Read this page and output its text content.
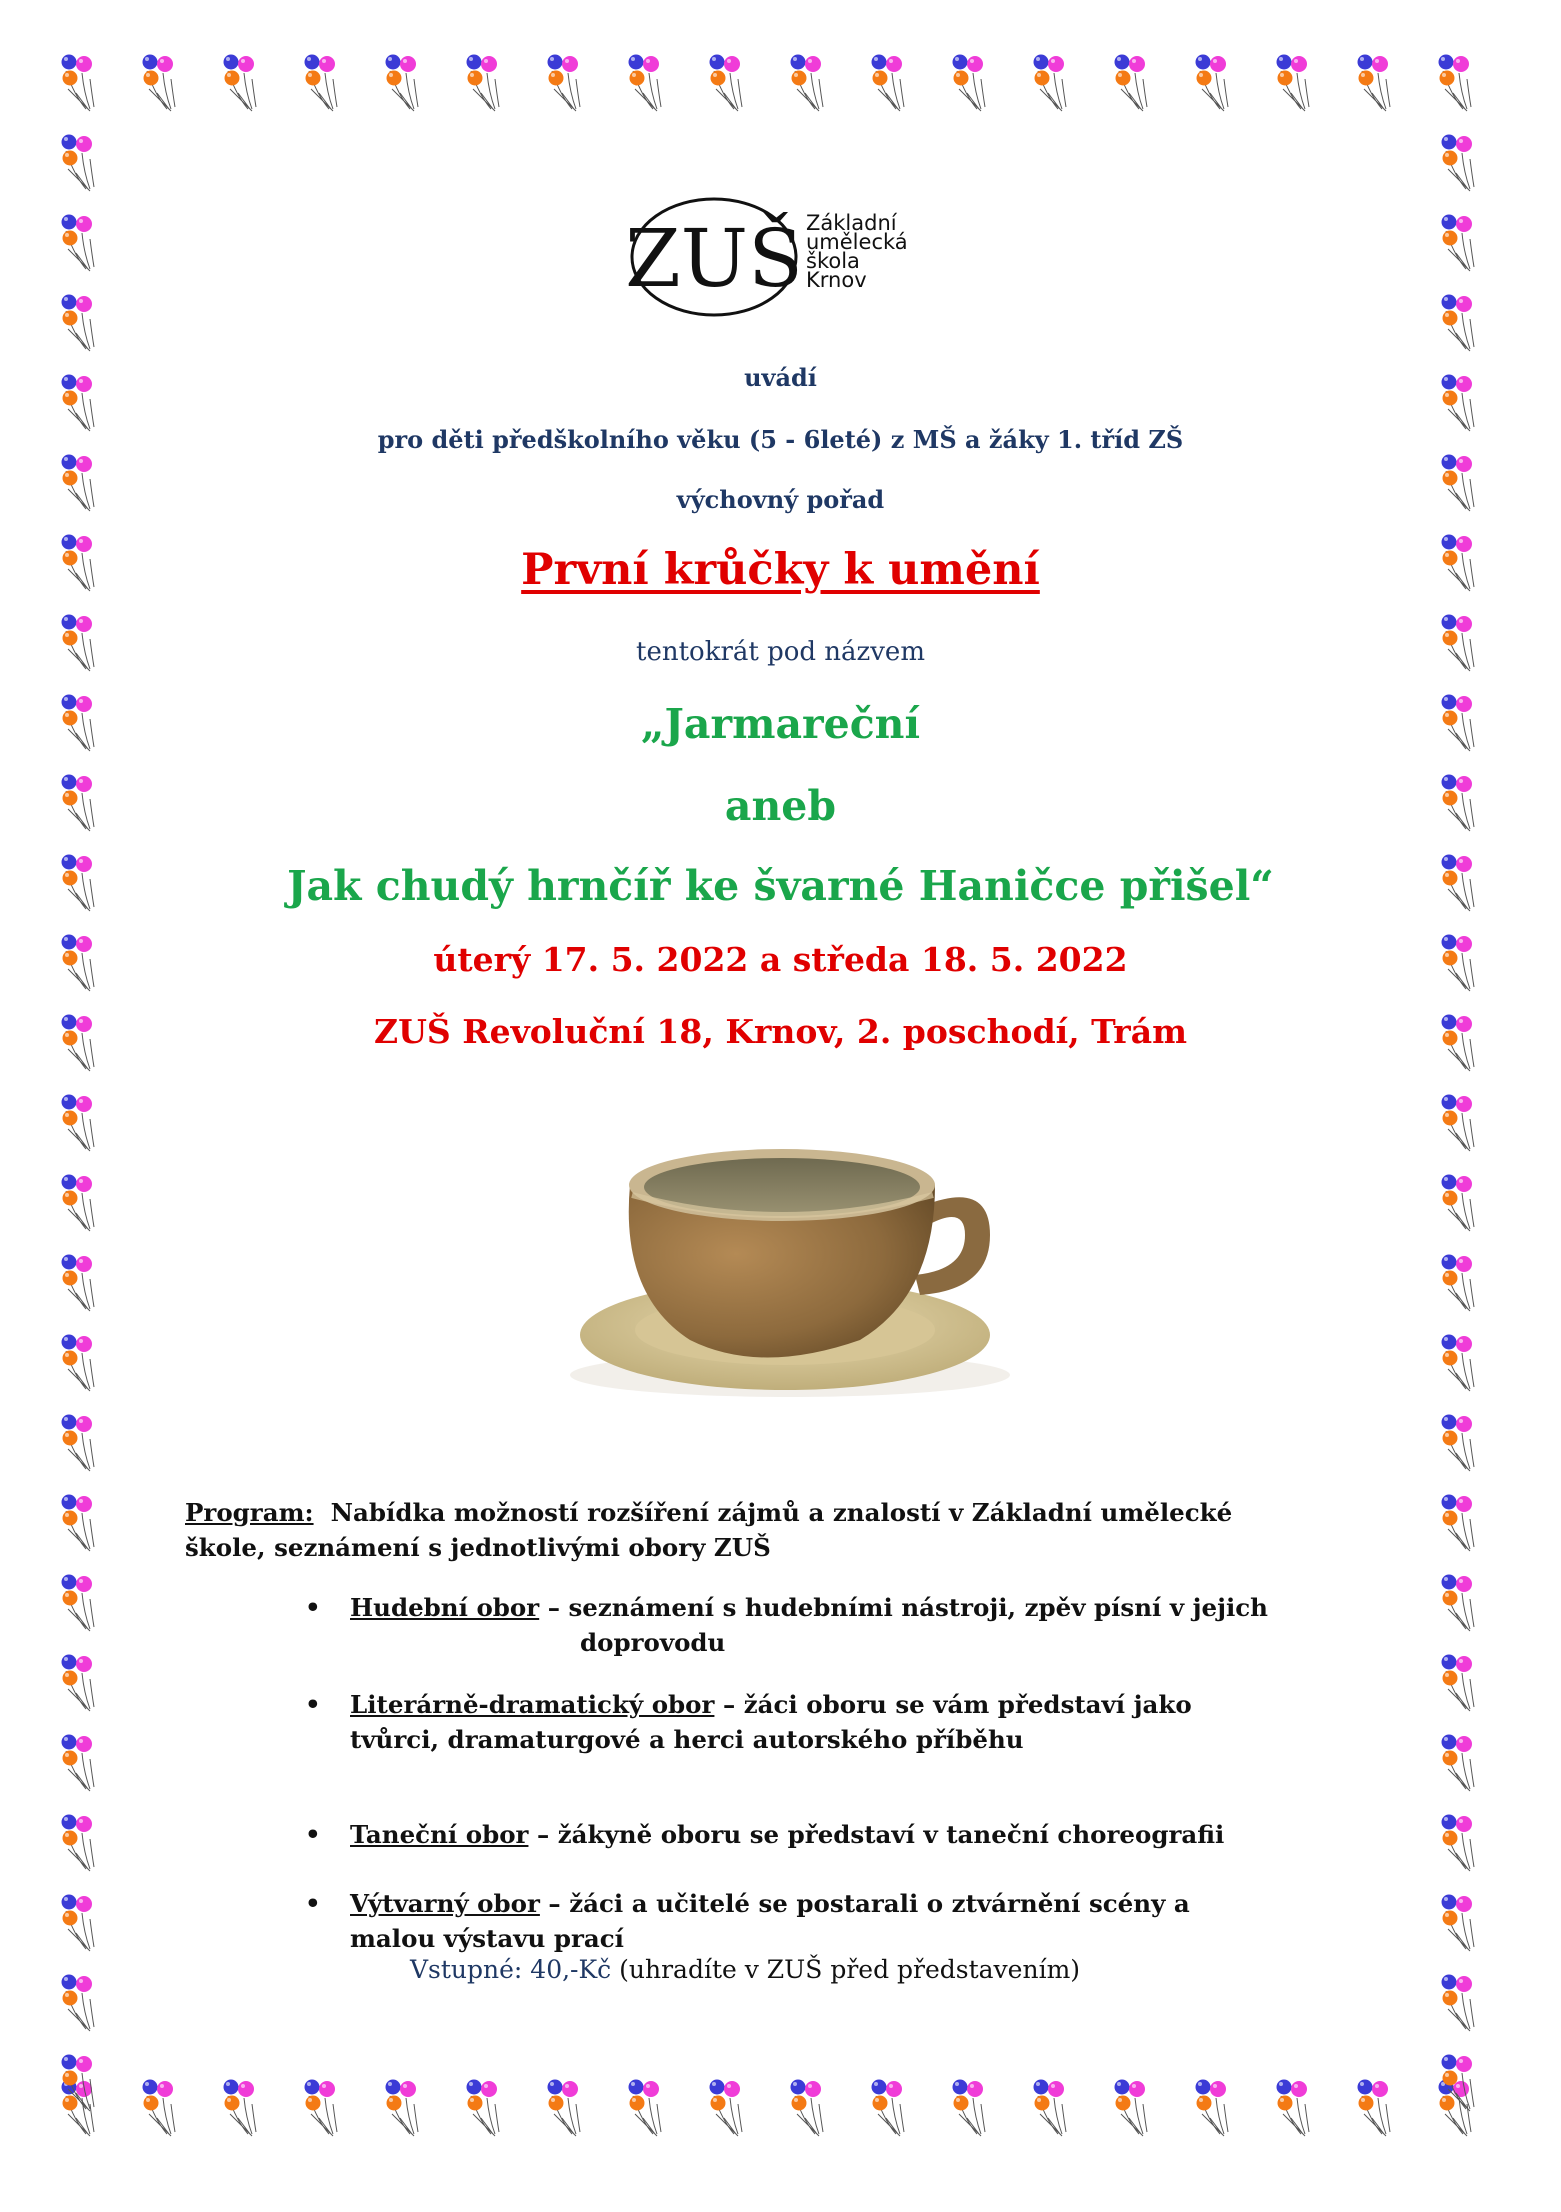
ZUŠ Základní
umělecká
škola
Krnov
uvádí
pro děti předškolního věku (5 - 6leté) z MŠ a žáky 1. tříd ZŠ
výchovný pořad
První krůčky k umění
tentokrát pod názvem
„Jarmareční
aneb
Jak chudý hrnčíř ke švarné Haničce přišel“
úterý 17. 5. 2022 a středa 18. 5. 2022
ZUŠ Revoluční 18, Krnov, 2. poschodí, Trám
Program: Nabídka možností rozšíření zájmů a znalostí v Základní umělecké
škole, seznámení s jednotlivými obory ZUŠ
• Hudební obor – seznámení s hudebními nástroji, zpěv písní v jejich
doprovodu
• Literárně-dramatický obor – žáci oboru se vám představí jako
tvůrci, dramaturgové a herci autorského příběhu
• Taneční obor – žákyně oboru se představí v taneční choreografii
• Výtvarný obor – žáci a učitelé se postarali o ztvárnění scény a
malou výstavu prací
Vstupné: 40,-Kč (uhradíte v ZUŠ před představením)
